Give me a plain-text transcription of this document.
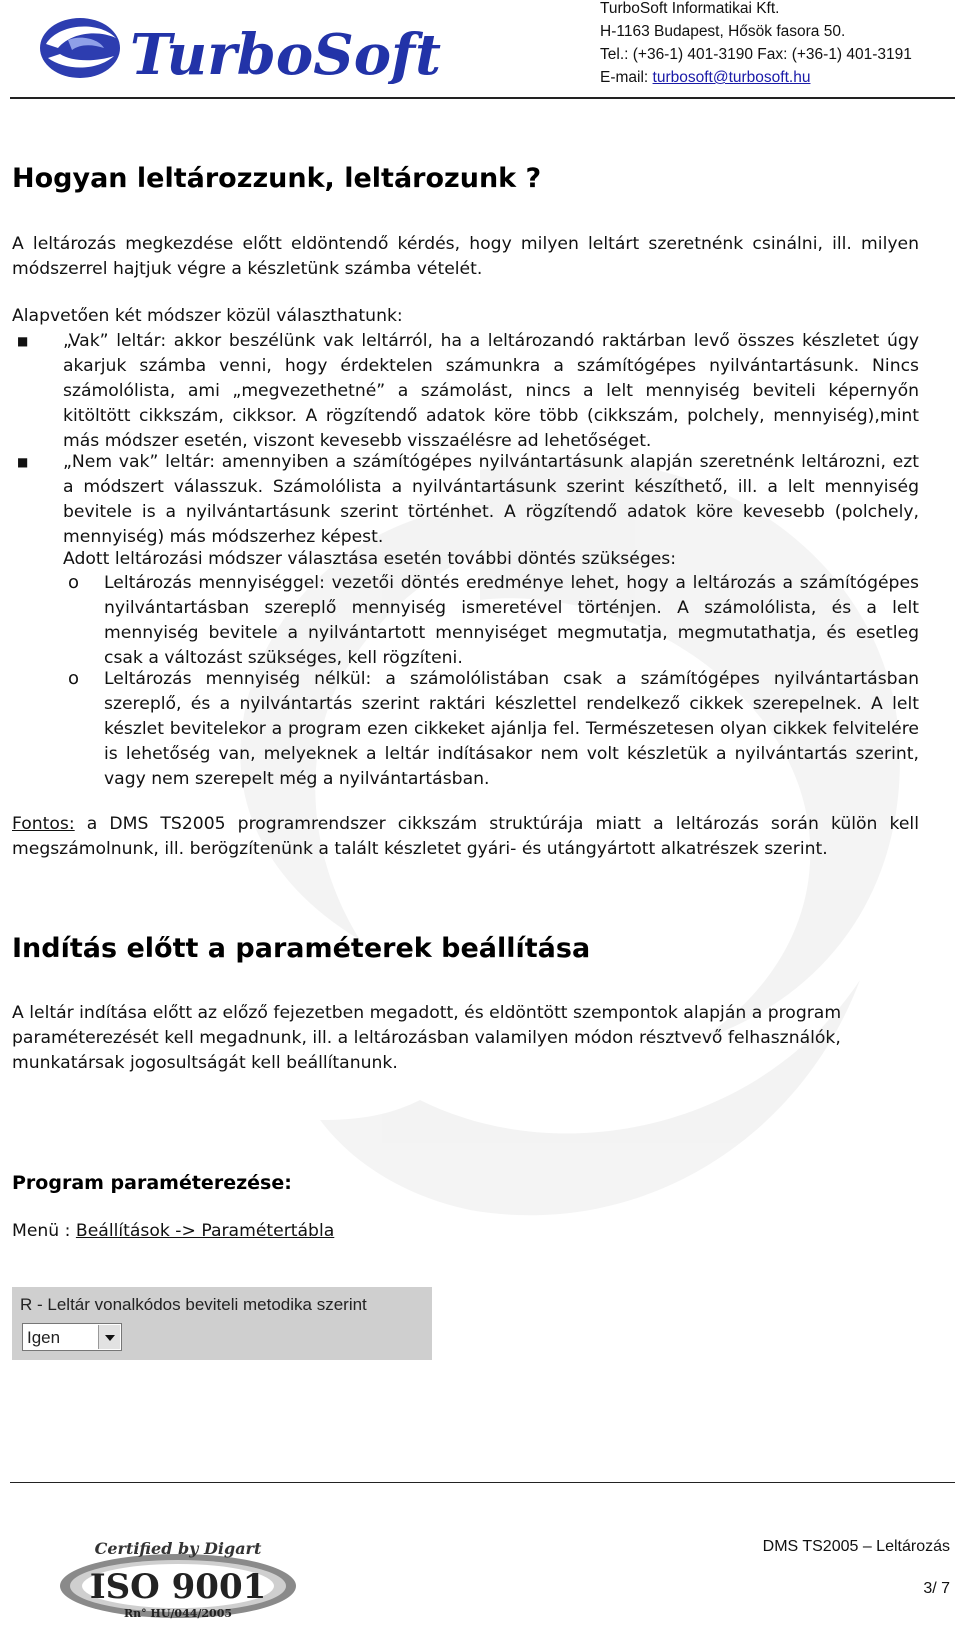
TurboSoft
TurboSoft Informatikai Kft.
H-1163 Budapest, Hősök fasora 50.
Tel.: (+36-1) 401-3190 Fax: (+36-1) 401-3191
E-mail: turbosoft@turbosoft.hu
Hogyan leltározzunk, leltározunk ?

A leltározás megkezdése előtt eldöntendő kérdés, hogy milyen leltárt szeretnénk csinálni, ill. milyen módszerrel hajtjuk végre a készletünk számba vételét.

Alapvetően két módszer közül választhatunk:

■ „Vak” leltár: akkor beszélünk vak leltárról, ha a leltározandó raktárban levő összes készletet úgy akarjuk számba venni, hogy érdektelen számunkra a számítógépes nyilvántartásunk. Nincs számolólista, ami „megvezethetné” a számolást, nincs a lelt mennyiség beviteli képernyőn kitöltött cikkszám, cikksor. A rögzítendő adatok köre több (cikkszám, polchely, mennyiség),mint más módszer esetén, viszont kevesebb visszaélésre ad lehetőséget.

■ „Nem vak” leltár: amennyiben a számítógépes nyilvántartásunk alapján szeretnénk leltározni, ezt a módszert válasszuk. Számolólista a nyilvántartásunk szerint készíthető, ill. a lelt mennyiség bevitele is a nyilvántartásunk szerint történhet. A rögzítendő adatok köre kevesebb (polchely, mennyiség) más módszerhez képest.

Adott leltározási módszer választása esetén további döntés szükséges:

o Leltározás mennyiséggel: vezetői döntés eredménye lehet, hogy a leltározás a számítógépes nyilvántartásban szereplő mennyiség ismeretével történjen. A számolólista, és a lelt mennyiség bevitele a nyilvántartott mennyiséget megmutatja, megmutathatja, és esetleg csak a változást szükséges, kell rögzíteni.

o Leltározás mennyiség nélkül: a számolólistában csak a számítógépes nyilvántartásban szereplő, és a nyilvántartás szerint raktári készlettel rendelkező cikkek szerepelnek. A lelt készlet bevitelekor a program ezen cikkeket ajánlja fel. Természetesen olyan cikkek felvitelére is lehetőség van, melyeknek a leltár indításakor nem volt készletük a nyilvántartás szerint, vagy nem szerepelt még a nyilvántartásban.

Fontos: a DMS TS2005 programrendszer cikkszám struktúrája miatt a leltározás során külön kell megszámolnunk, ill. berögzítenünk a talált készletet gyári- és utángyártott alkatrészek szerint.

Indítás előtt a paraméterek beállítása

A leltár indítása előtt az előző fejezetben megadott, és eldöntött szempontok alapján a program paraméterezését kell megadnunk, ill. a leltározásban valamilyen módon résztvevő felhasználók, munkatársak jogosultságát kell beállítanunk.

Program paraméterezése:
Menü : Beállítások -> Paramétertábla
R - Leltár vonalkódos beviteli metodika szerint
Igen
Certified by Digart
ISO 9001
Rn° HU/044/2005
DMS TS2005 – Leltározás
3/ 7
